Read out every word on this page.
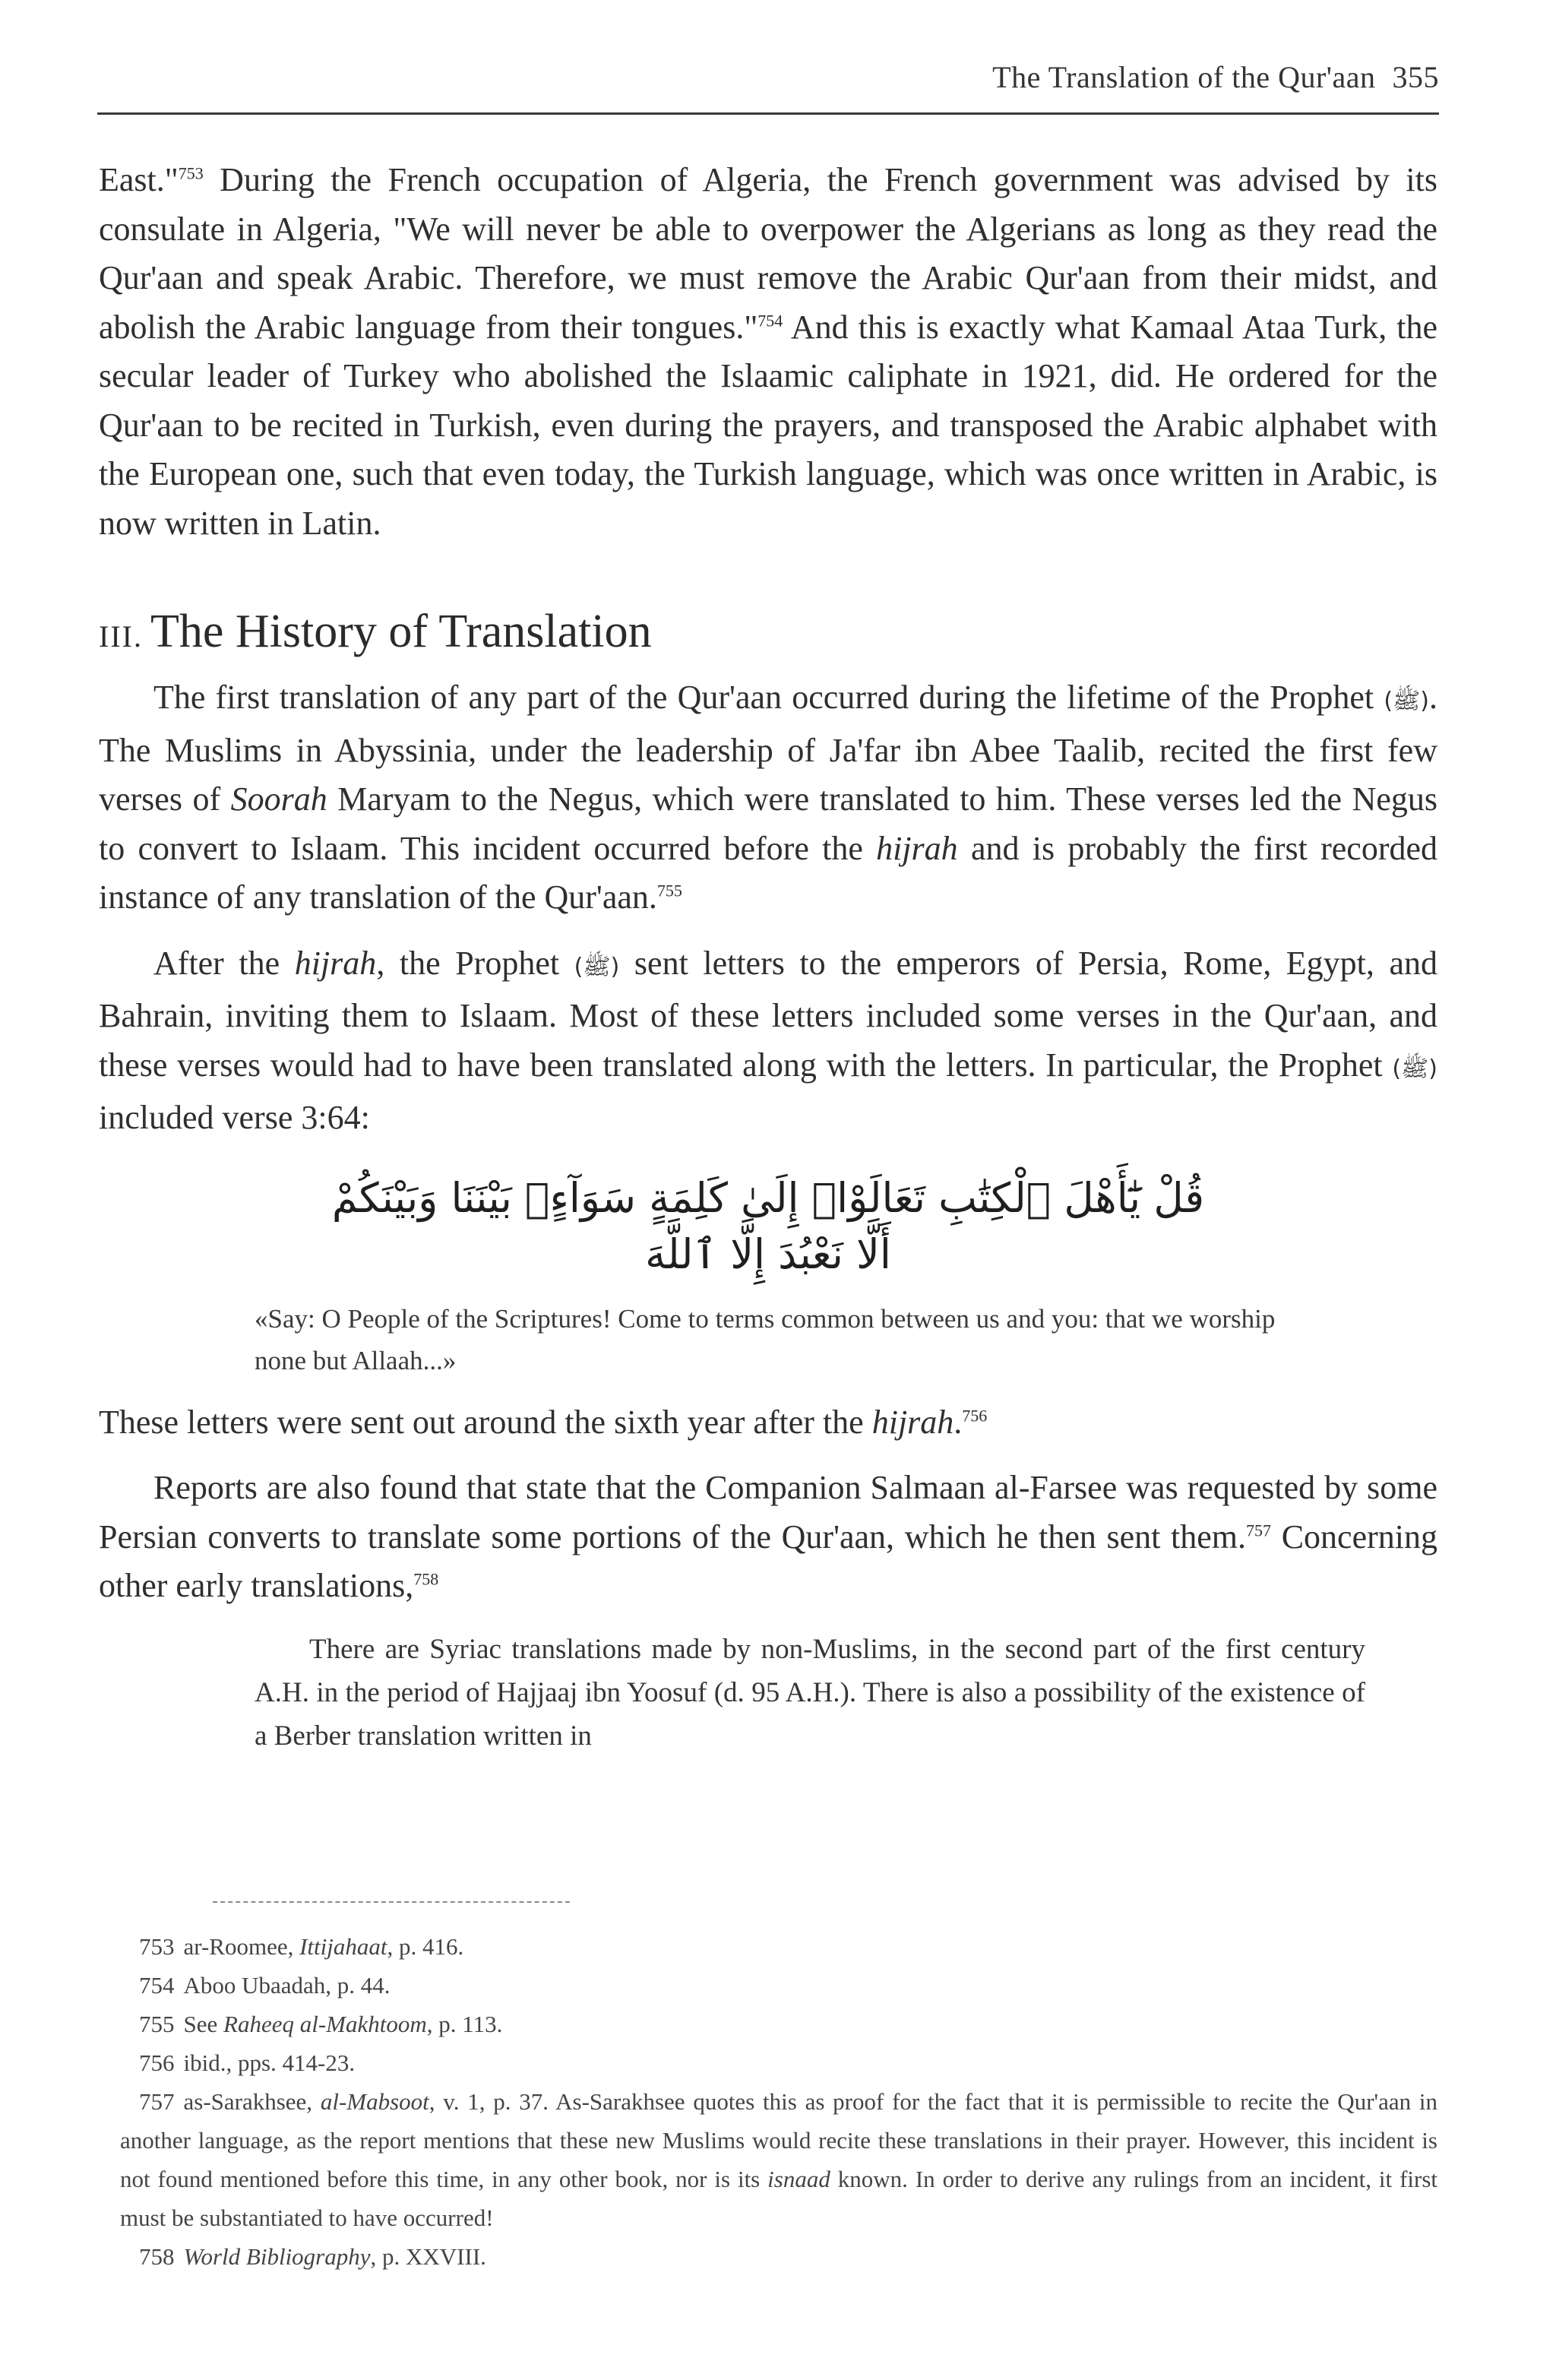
The Translation of the Qur'aan 355

East."$^{753}$ During the French occupation of Algeria, the French government was advised by its consulate in Algeria, "We will never be able to overpower the Algerians as long as they read the Qur'aan and speak Arabic. Therefore, we must remove the Arabic Qur'aan from their midst, and abolish the Arabic language from their tongues."$^{754}$ And this is exactly what Kamaal Ataa Turk, the secular leader of Turkey who abolished the Islaamic caliphate in 1921, did. He ordered for the Qur'aan to be recited in Turkish, even during the prayers, and transposed the Arabic alphabet with the European one, such that even today, the Turkish language, which was once written in Arabic, is now written in Latin.

III. The History of Translation

The first translation of any part of the Qur'aan occurred during the lifetime of the Prophet (ﷺ). The Muslims in Abyssinia, under the leadership of Ja'far ibn Abee Taalib, recited the first few verses of Soorah Maryam to the Negus, which were translated to him. These verses led the Negus to convert to Islaam. This incident occurred before the hijrah and is probably the first recorded instance of any translation of the Qur'aan.$^{755}$

After the hijrah, the Prophet (ﷺ) sent letters to the emperors of Persia, Rome, Egypt, and Bahrain, inviting them to Islaam. Most of these letters included some verses in the Qur'aan, and these verses would had to have been translated along with the letters. In particular, the Prophet (ﷺ) included verse 3:64:

قُلْ يَٰٓأَهْلَ ٱلْكِتَٰبِ تَعَالَوْا۟ إِلَىٰ كَلِمَةٍ سَوَآءٍۭ بَيْنَنَا وَبَيْنَكُمْ
أَلَّا نَعْبُدَ إِلَّا ٱللَّهَ
«Say: O People of the Scriptures! Come to terms common between us and you: that we worship none but Allaah...»

These letters were sent out around the sixth year after the hijrah.$^{756}$

Reports are also found that state that the Companion Salmaan al-Farsee was requested by some Persian converts to translate some portions of the Qur'aan, which he then sent them.$^{757}$ Concerning other early translations,$^{758}$

There are Syriac translations made by non-Muslims, in the second part of the first century A.H. in the period of Hajjaaj ibn Yoosuf (d. 95 A.H.). There is also a possibility of the existence of a Berber translation written in
753 ar-Roomee, Ittijahaat, p. 416.
754 Aboo Ubaadah, p. 44.
755 See Raheeq al-Makhtoom, p. 113.
756 ibid., pps. 414-23.
757 as-Sarakhsee, al-Mabsoot, v. 1, p. 37. As-Sarakhsee quotes this as proof for the fact that it is permissible to recite the Qur'aan in another language, as the report mentions that these new Muslims would recite these translations in their prayer. However, this incident is not found mentioned before this time, in any other book, nor is its isnaad known. In order to derive any rulings from an incident, it first must be substantiated to have occurred!
758 World Bibliography, p. XXVIII.
